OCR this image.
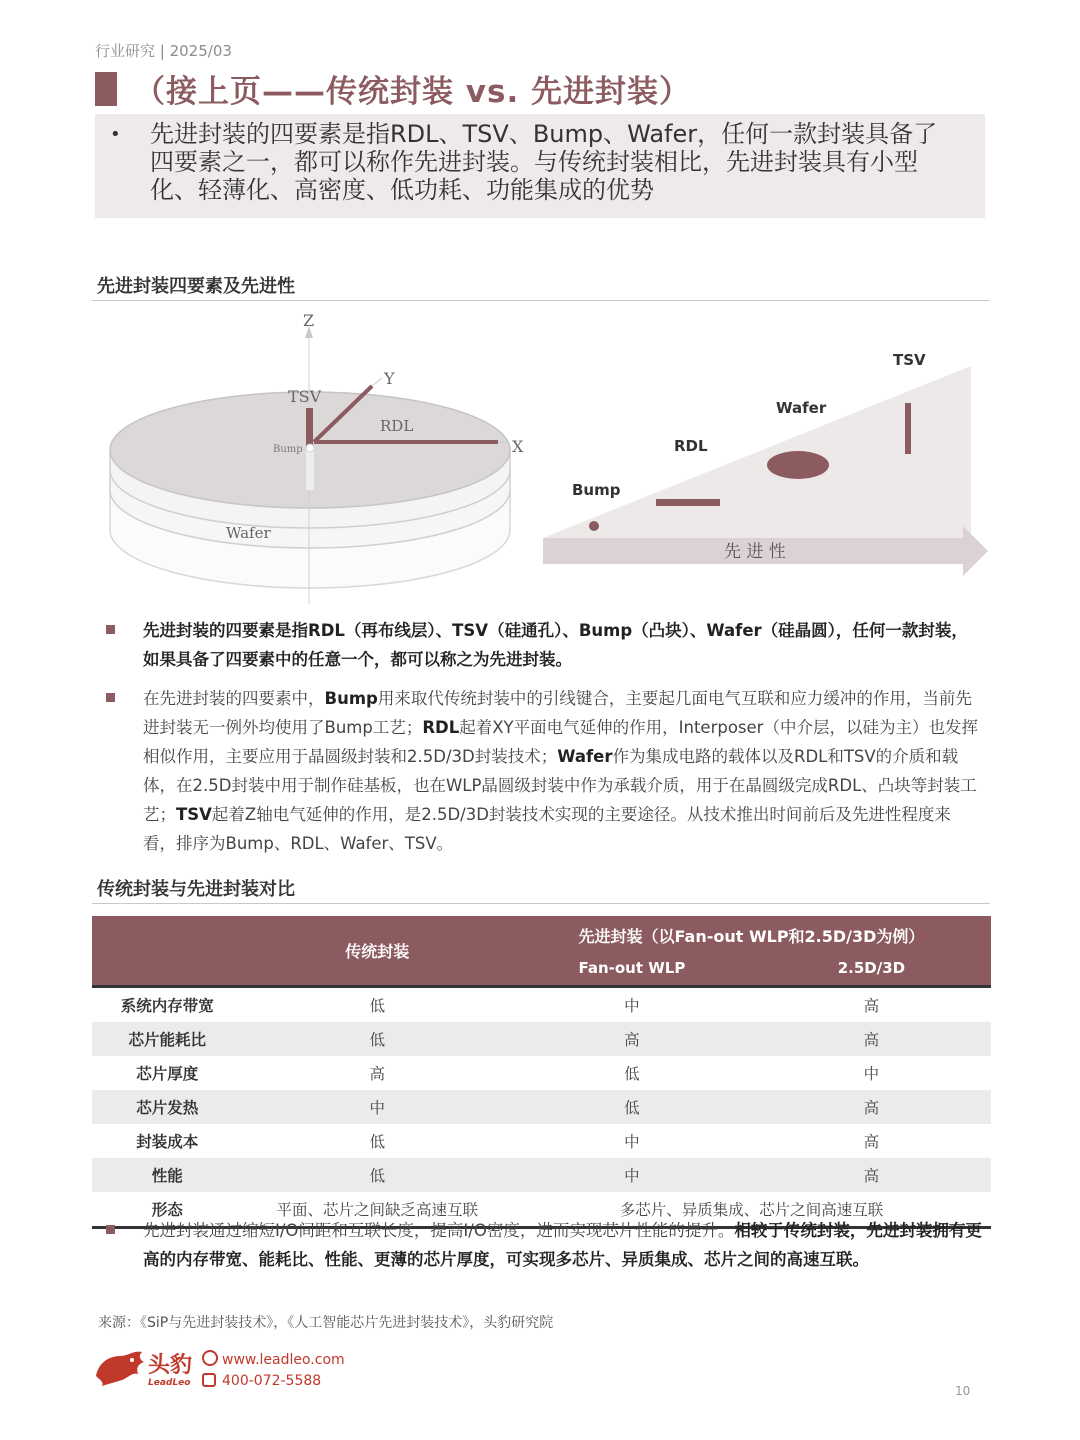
行业研究 | 2025/03
（接上页——传统封装 vs. 先进封装）
• 先进封装的四要素是指RDL、TSV、Bump、Wafer，任何一款封装具备了四要素之一，都可以称作先进封装。与传统封装相比，先进封装具有小型化、轻薄化、高密度、低功耗、功能集成的优势
先进封装四要素及先进性
Z
Y
X
TSV
RDL
Bump
Wafer
Bump
RDL
Wafer
TSV
先 进 性
先进封装的四要素是指RDL（再布线层）、TSV（硅通孔）、Bump（凸块）、Wafer（硅晶圆），任何一款封装，如果具备了四要素中的任意一个，都可以称之为先进封装。
在先进封装的四要素中，Bump用来取代传统封装中的引线键合，主要起几面电气互联和应力缓冲的作用，当前先进封装无一例外均使用了Bump工艺；RDL起着XY平面电气延伸的作用，Interposer（中介层，以硅为主）也发挥相似作用，主要应用于晶圆级封装和2.5D/3D封装技术；Wafer作为集成电路的载体以及RDL和TSV的介质和载体，在2.5D封装中用于制作硅基板，也在WLP晶圆级封装中作为承载介质，用于在晶圆级完成RDL、凸块等封装工艺；TSV起着Z轴电气延伸的作用，是2.5D/3D封装技术实现的主要途径。从技术推出时间前后及先进性程度来看，排序为Bump、RDL、Wafer、TSV。
传统封装与先进封装对比
	传统封装	先进封装（以Fan-out WLP和2.5D/3D为例）	
		Fan-out WLP	2.5D/3D
系统内存带宽	低	中	高
芯片能耗比	低	高	高
芯片厚度	高	低	中
芯片发热	中	低	高
封装成本	低	中	高
性能	低	中	高
形态	平面、芯片之间缺乏高速互联	多芯片、异质集成、芯片之间高速互联	
先进封装通过缩短I/O间距和互联长度，提高I/O密度，进而实现芯片性能的提升。相较于传统封装，先进封装拥有更高的内存带宽、能耗比、性能、更薄的芯片厚度，可实现多芯片、异质集成、芯片之间的高速互联。
来源：《SiP与先进封装技术》，《人工智能芯片先进封装技术》，头豹研究院
头豹
LeadLeo
www.leadleo.com
400-072-5588
10
